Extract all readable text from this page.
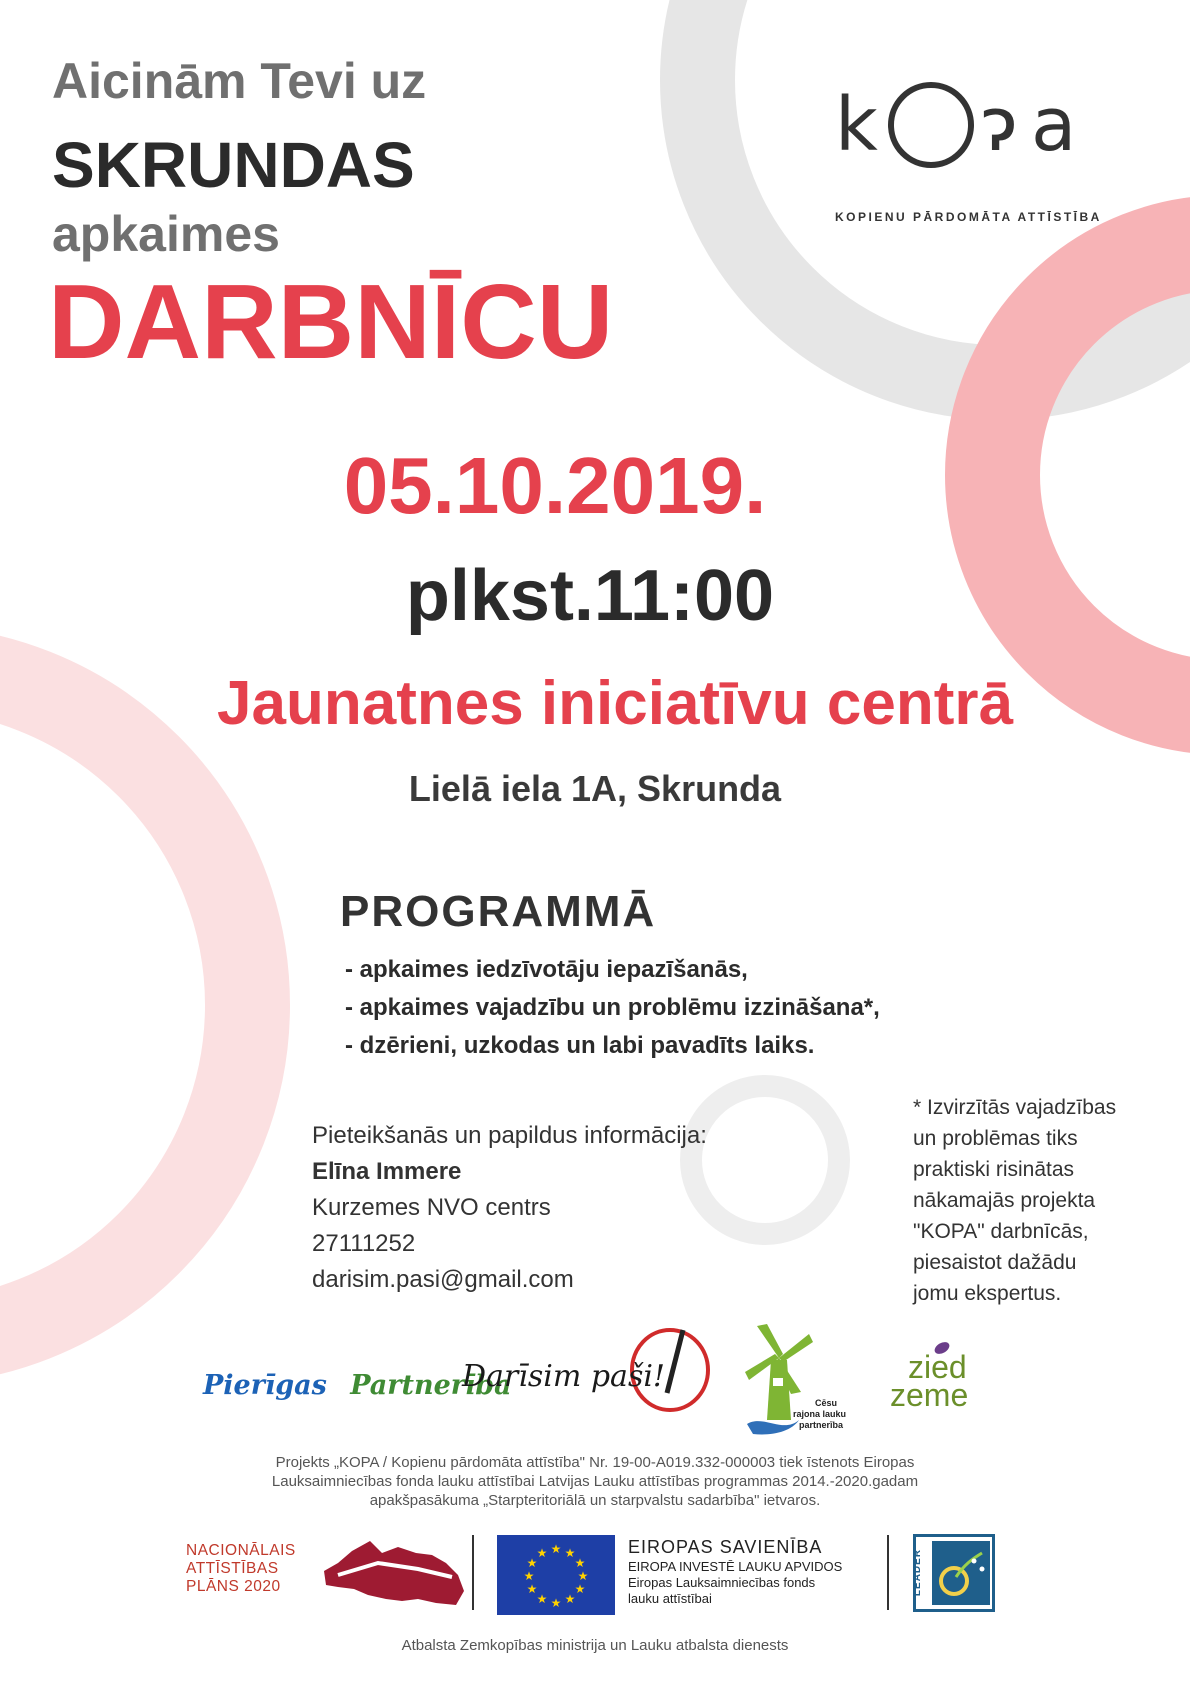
k ɂ a
KOPIENU PĀRDOMĀTA ATTĪSTĪBA
Aicinām Tevi uz
SKRUNDAS
apkaimes
DARBNĪCU
05.10.2019.
plkst.11:00
Jaunatnes iniciatīvu centrā
Lielā iela 1A, Skrunda
PROGRAMMĀ
- apkaimes iedzīvotāju iepazīšanās,
- apkaimes vajadzību un problēmu izzināšana*,
- dzērieni, uzkodas un labi pavadīts laiks.
Pieteikšanās un papildus informācija:
Elīna Immere
Kurzemes NVO centrs
27111252
darisim.pasi@gmail.com
* Izvirzītās vajadzības
un problēmas tiks
praktiski risinātas
nākamajās projekta
"KOPA" darbnīcās,
piesaistot dažādu
jomu ekspertus.
Pierīgas Partnerība
Darīsim paši!
Cēsu
rajona lauku
partnerība
zied
zeme
Projekts „KOPA / Kopienu pārdomāta attīstība" Nr. 19-00-A019.332-000003 tiek īstenots Eiropas
Lauksaimniecības fonda lauku attīstībai Latvijas Lauku attīstības programmas 2014.-2020.gadam
apakšpasākuma „Starpteritoriālā un starpvalstu sadarbība" ietvaros.
NACIONĀLAIS
ATTĪSTĪBAS
PLĀNS 2020
★ ★
★
★
★
★
★
★
★
★
★
★	EIROPAS SAVIENĪBA
EIROPA INVESTĒ LAUKU APVIDOS
Eiropas Lauksaimniecības fonds
lauku attīstībai
LEADER
Atbalsta Zemkopības ministrija un Lauku atbalsta dienests
